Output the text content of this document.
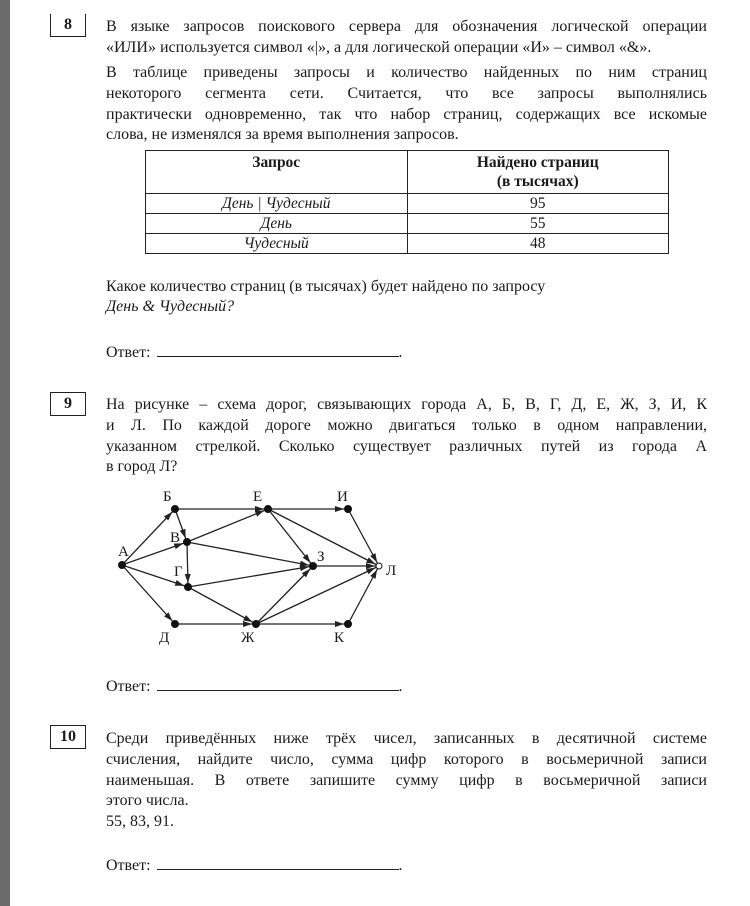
8	В языке запросов поискового сервера для обозначения логической операции
«ИЛИ» используется символ «|», а для логической операции «И» – символ «&».
В таблице приведены запросы и количество найденных по ним страниц
некоторого сегмента сети. Считается, что все запросы выполнялись
практически одновременно, так что набор страниц, содержащих все искомые
слова, не изменялся за время выполнения запросов.
Запрос	Найдено страниц
(в тысячах)
День | Чудесный	95
День	55
Чудесный	48
Какое количество страниц (в тысячах) будет найдено по запросу
День & Чудесный?
Ответ:	.
9	На рисунке – схема дорог, связывающих города А, Б, В, Г, Д, Е, Ж, З, И, К
и Л. По каждой дороге можно двигаться только в одном направлении,
указанном стрелкой. Сколько существует различных путей из города А
в город Л?
А
Б
В
Г
Д
Е	И
З
Л
Ж	К
Ответ:	.
10	Среди приведённых ниже трёх чисел, записанных в десятичной системе
счисления, найдите число, сумма цифр которого в восьмеричной записи
наименьшая. В ответе запишите сумму цифр в восьмеричной записи
этого числа.
55, 83, 91.
Ответ:	.
